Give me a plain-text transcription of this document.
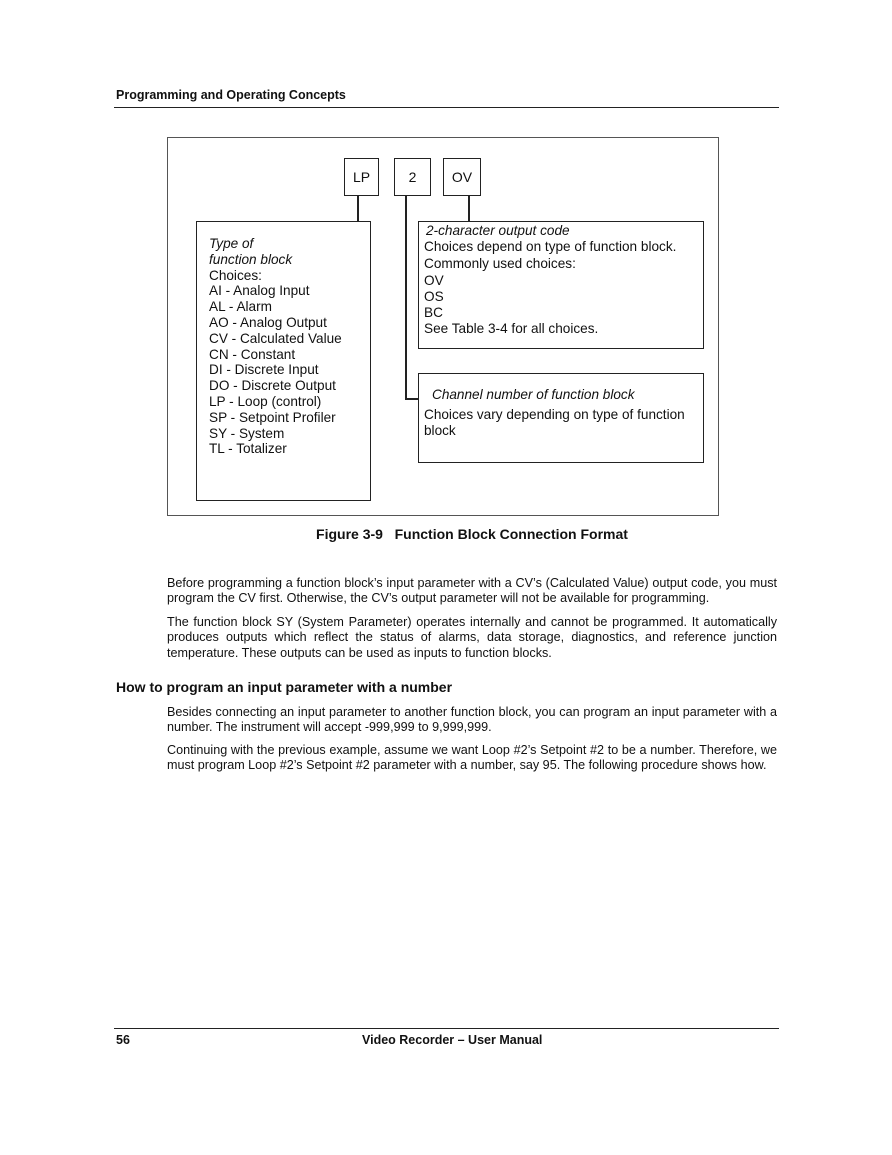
Programming and Operating Concepts
LP	2	OV
Type of
function block
Choices:
AI - Analog Input
AL - Alarm
AO - Analog Output
CV - Calculated Value
CN - Constant
DI - Discrete Input
DO - Discrete Output
LP - Loop (control)
SP - Setpoint Profiler
SY - System
TL - Totalizer
2-character output code
Choices depend on type of function block.
Commonly used choices:
OV
OS
BC
See Table 3-4 for all choices.
Channel number of function block
Choices vary depending on type of function
block
Figure 3-9   Function Block Connection Format
Before programming a function block’s input parameter with a CV’s (Calculated Value) output code, you must program the CV first. Otherwise, the CV’s output parameter will not be available for programming.
The function block SY (System Parameter) operates internally and cannot be programmed. It automatically produces outputs which reflect the status of alarms, data storage, diagnostics, and reference junction temperature. These outputs can be used as inputs to function blocks.
How to program an input parameter with a number
Besides connecting an input parameter to another function block, you can program an input parameter with a number. The instrument will accept -999,999 to 9,999,999.
Continuing with the previous example, assume we want Loop #2’s Setpoint #2 to be a number. Therefore, we must program Loop #2’s Setpoint #2 parameter with a number, say 95. The following procedure shows how.
56	Video Recorder – User Manual
